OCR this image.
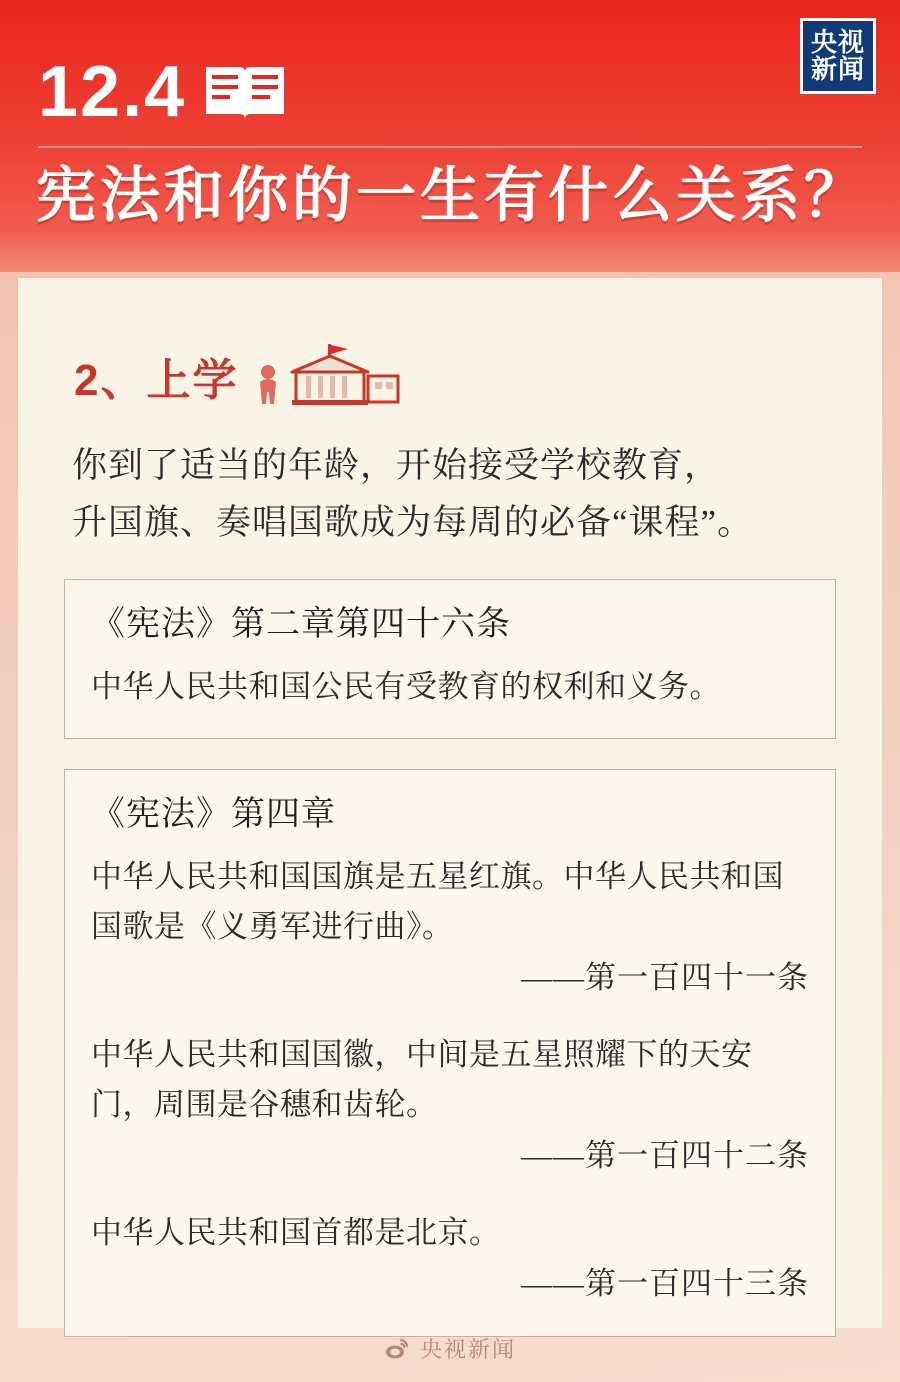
央视
新闻
12.4
宪法和你的一生有什么关系？
2、上学
你到了适当的年龄，开始接受学校教育，
升国旗、奏唱国歌成为每周的必备“课程”。
《宪法》第二章第四十六条

中华人民共和国公民有受教育的权利和义务。

《宪法》第四章

中华人民共和国国旗是五星红旗。中华人民共和国国歌是《义勇军进行曲》。

——第一百四十一条

中华人民共和国国徽，中间是五星照耀下的天安门，周围是谷穗和齿轮。

——第一百四十二条

中华人民共和国首都是北京。

——第一百四十三条
央视新闻
